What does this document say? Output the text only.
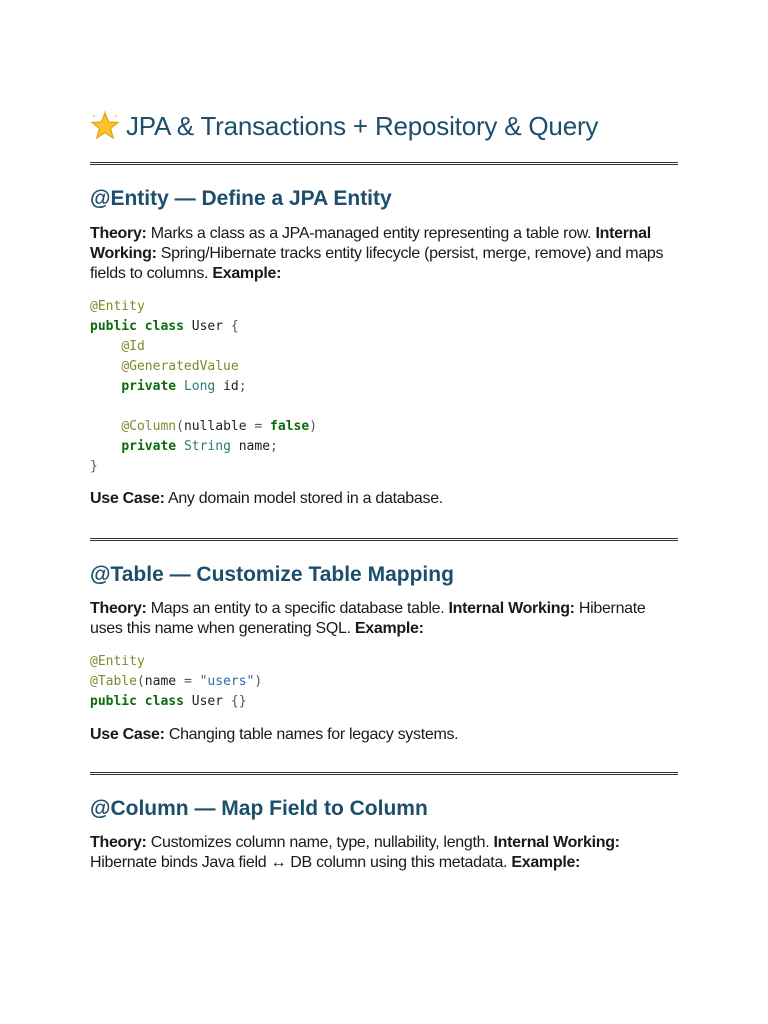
JPA & Transactions + Repository & Query
@Entity — Define a JPA Entity

Theory: Marks a class as a JPA-managed entity representing a table row. Internal Working: Spring/Hibernate tracks entity lifecycle (persist, merge, remove) and maps fields to columns. Example:

@Entity
public class User {
@Id
@GeneratedValue
private Long id;

@Column(nullable = false)
private String name;
}

Use Case: Any domain model stored in a database.

@Table — Customize Table Mapping

Theory: Maps an entity to a specific database table. Internal Working: Hibernate uses this name when generating SQL. Example:

@Entity
@Table(name = "users")
public class User {}

Use Case: Changing table names for legacy systems.

@Column — Map Field to Column

Theory: Customizes column name, type, nullability, length. Internal Working: Hibernate binds Java field ↔ DB column using this metadata. Example:
